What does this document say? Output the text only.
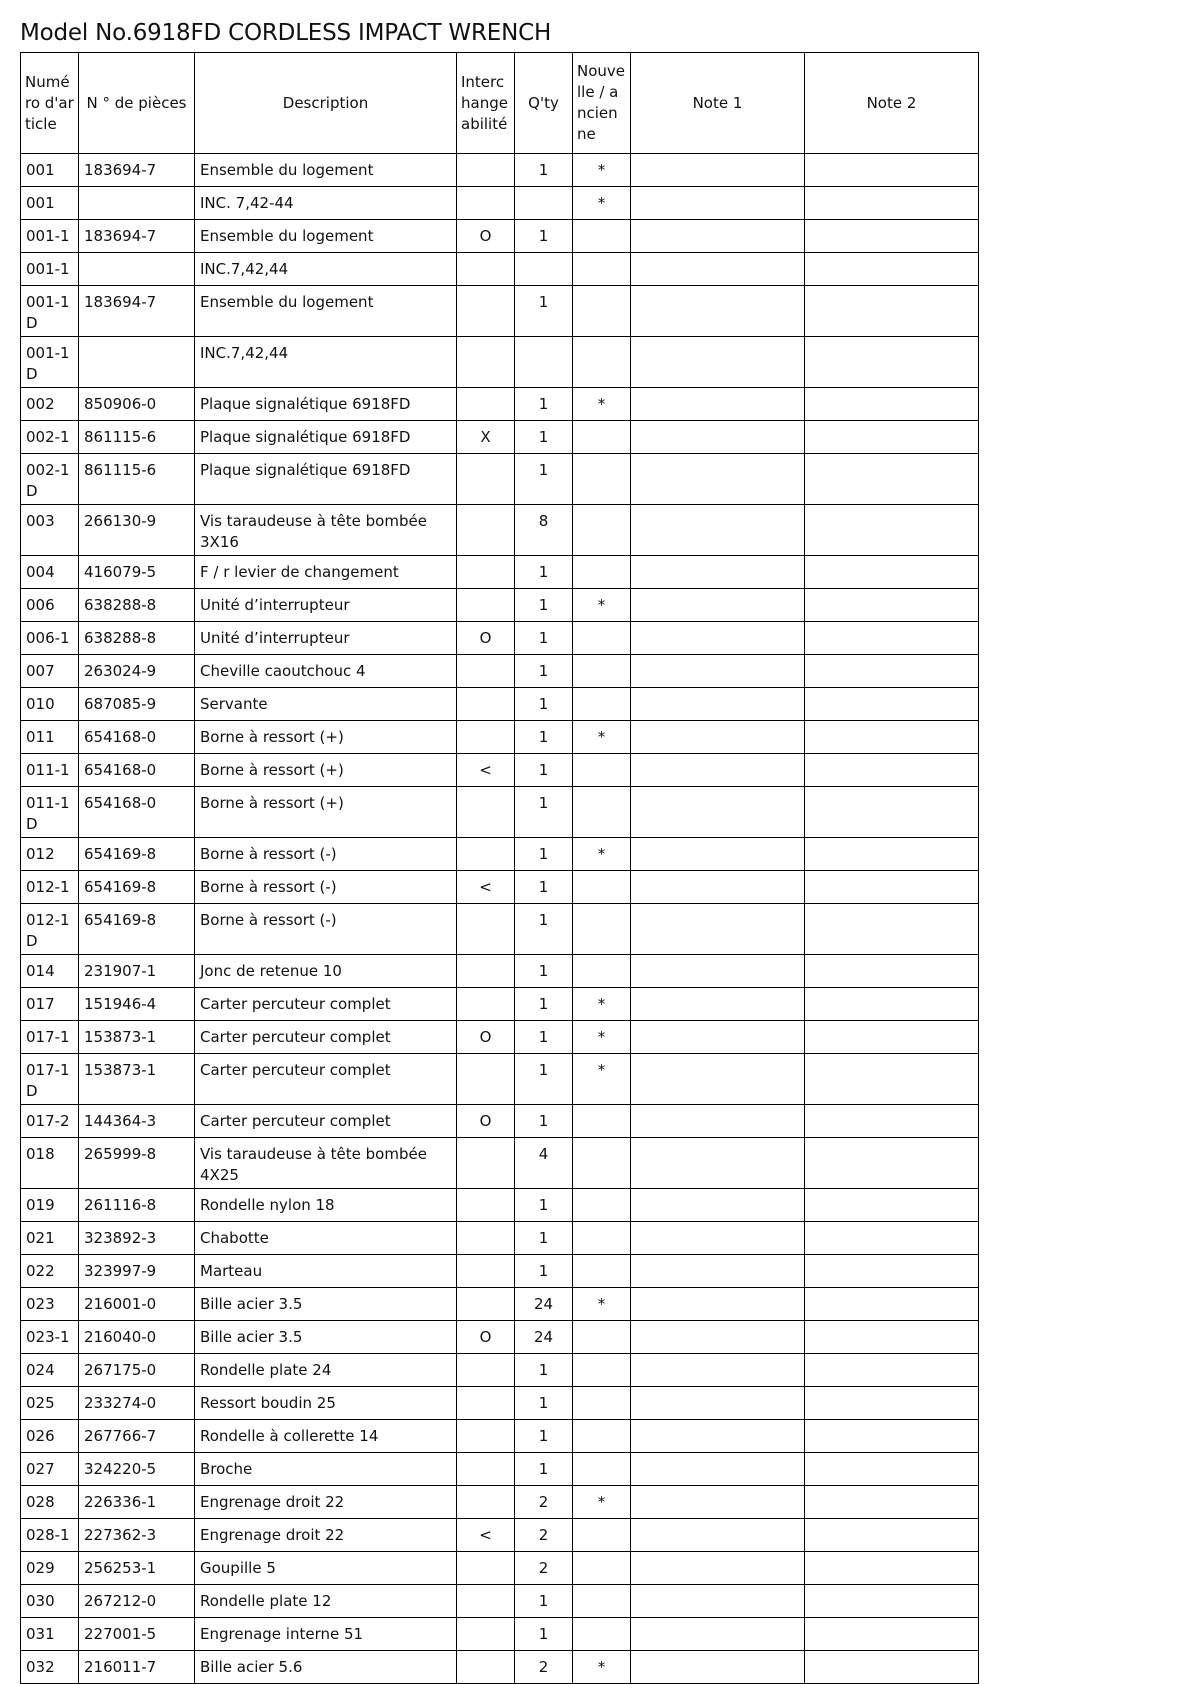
Model No.6918FD CORDLESS IMPACT WRENCH
Numéro d'article	N ° de pièces	Description	Interchangeabilité	Q'ty	Nouvelle / ancienne	Note 1	Note 2
001	183694-7	Ensemble du logement		1	*		
001		INC. 7,42-44			*		
001-1	183694-7	Ensemble du logement	O	1			
001-1		INC.7,42,44					
001-1D	183694-7	Ensemble du logement		1			
001-1D		INC.7,42,44					
002	850906-0	Plaque signalétique 6918FD		1	*		
002-1	861115-6	Plaque signalétique 6918FD	X	1			
002-1D	861115-6	Plaque signalétique 6918FD		1			
003	266130-9	Vis taraudeuse à tête bombée 3X16		8			
004	416079-5	F / r levier de changement		1			
006	638288-8	Unité d’interrupteur		1	*		
006-1	638288-8	Unité d’interrupteur	O	1			
007	263024-9	Cheville caoutchouc 4		1			
010	687085-9	Servante		1			
011	654168-0	Borne à ressort (+)		1	*		
011-1	654168-0	Borne à ressort (+)	<	1			
011-1D	654168-0	Borne à ressort (+)		1			
012	654169-8	Borne à ressort (-)		1	*		
012-1	654169-8	Borne à ressort (-)	<	1			
012-1D	654169-8	Borne à ressort (-)		1			
014	231907-1	Jonc de retenue 10		1			
017	151946-4	Carter percuteur complet		1	*		
017-1	153873-1	Carter percuteur complet	O	1	*		
017-1D	153873-1	Carter percuteur complet		1	*		
017-2	144364-3	Carter percuteur complet	O	1			
018	265999-8	Vis taraudeuse à tête bombée 4X25		4			
019	261116-8	Rondelle nylon 18		1			
021	323892-3	Chabotte		1			
022	323997-9	Marteau		1			
023	216001-0	Bille acier 3.5		24	*		
023-1	216040-0	Bille acier 3.5	O	24			
024	267175-0	Rondelle plate 24		1			
025	233274-0	Ressort boudin 25		1			
026	267766-7	Rondelle à collerette 14		1			
027	324220-5	Broche		1			
028	226336-1	Engrenage droit 22		2	*		
028-1	227362-3	Engrenage droit 22	<	2			
029	256253-1	Goupille 5		2			
030	267212-0	Rondelle plate 12		1			
031	227001-5	Engrenage interne 51		1			
032	216011-7	Bille acier 5.6		2	*		
